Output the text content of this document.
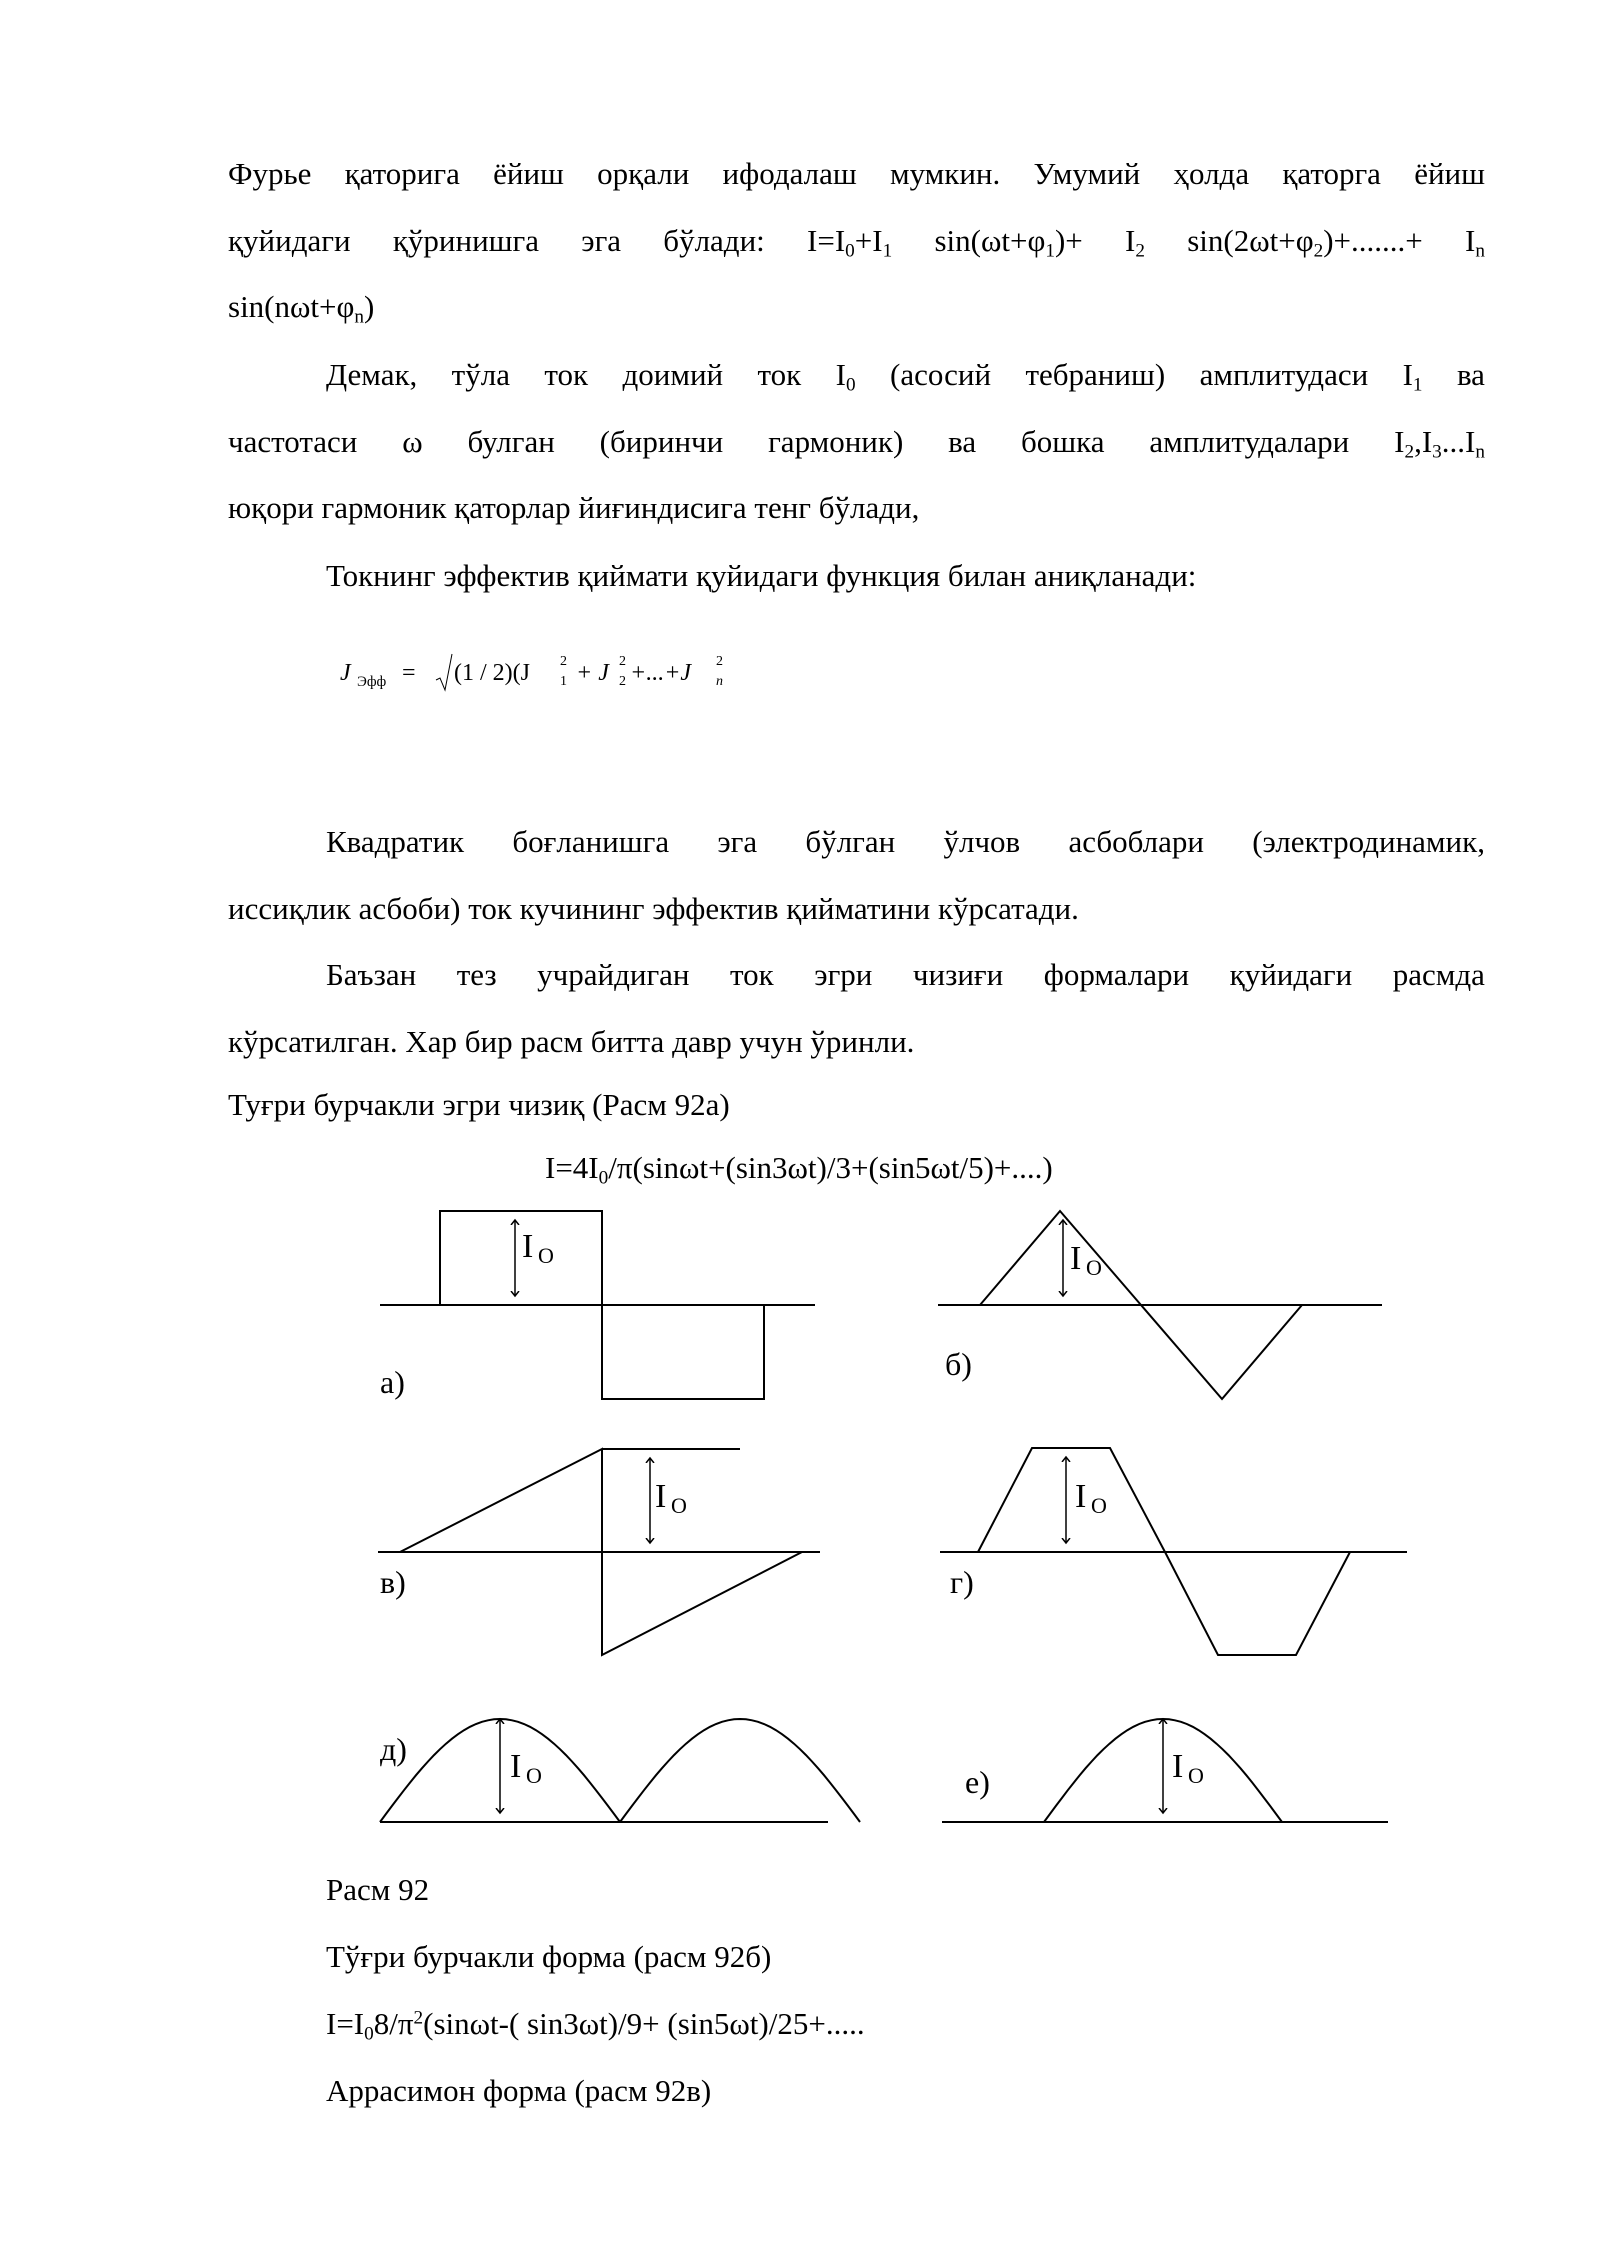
Фурье қаторига ёйиш орқали ифодалаш мумкин. Умумий ҳолда қаторга ёйиш
қуйидаги қўринишга эга бўлади: $I=I_0+I_1$ $\sin(\omega t+\varphi_1)+ I_2$ $\sin(2\omega t+\varphi_2)+.......+ I_n$
$\sin(n\omega t+\varphi_n)$
Демак, тўла ток доимий ток $I_0$ (асосий тебраниш) амплитудаси $I_1$ ва
частотаси ω булган (биринчи гармоник) ва бошка амплитудалари $I_2,I_3...I_n$
юқори гармоник қаторлар йиғиндисига тенг бўлади,
Токнинг эффектив қиймати қуйидаги функция билан аниқланади:
J Эфф = (1 / 2)(J 2
1 + J 2
2 +...+J 2
n
Квадратик боғланишга эга бўлган ўлчов асбоблари (электродинамик,
иссиқлик асбоби) ток кучининг эффектив қийматини кўрсатади.
Баъзан тез учрайдиган ток эгри чизиғи формалари қуйидаги расмда
кўрсатилган. Хар бир расм битта давр учун ўринли.
Туғри бурчакли эгри чизиқ (Расм 92а)
$I=4I_0/\pi(\sin\omega t+(\sin 3\omega t)/3+(\sin 5\omega t/5)+....)$
а)	б)
в)	г)
д)
е)
I O	I O
I O	I O
I O	I O
Расм 92
Тўғри бурчакли форма (расм 92б)
$I=I_08/\pi^2(\sin\omega t-$( sin3ωt)/9+ (sin5ωt)/25+.....
Аррасимон форма (расм 92в)
